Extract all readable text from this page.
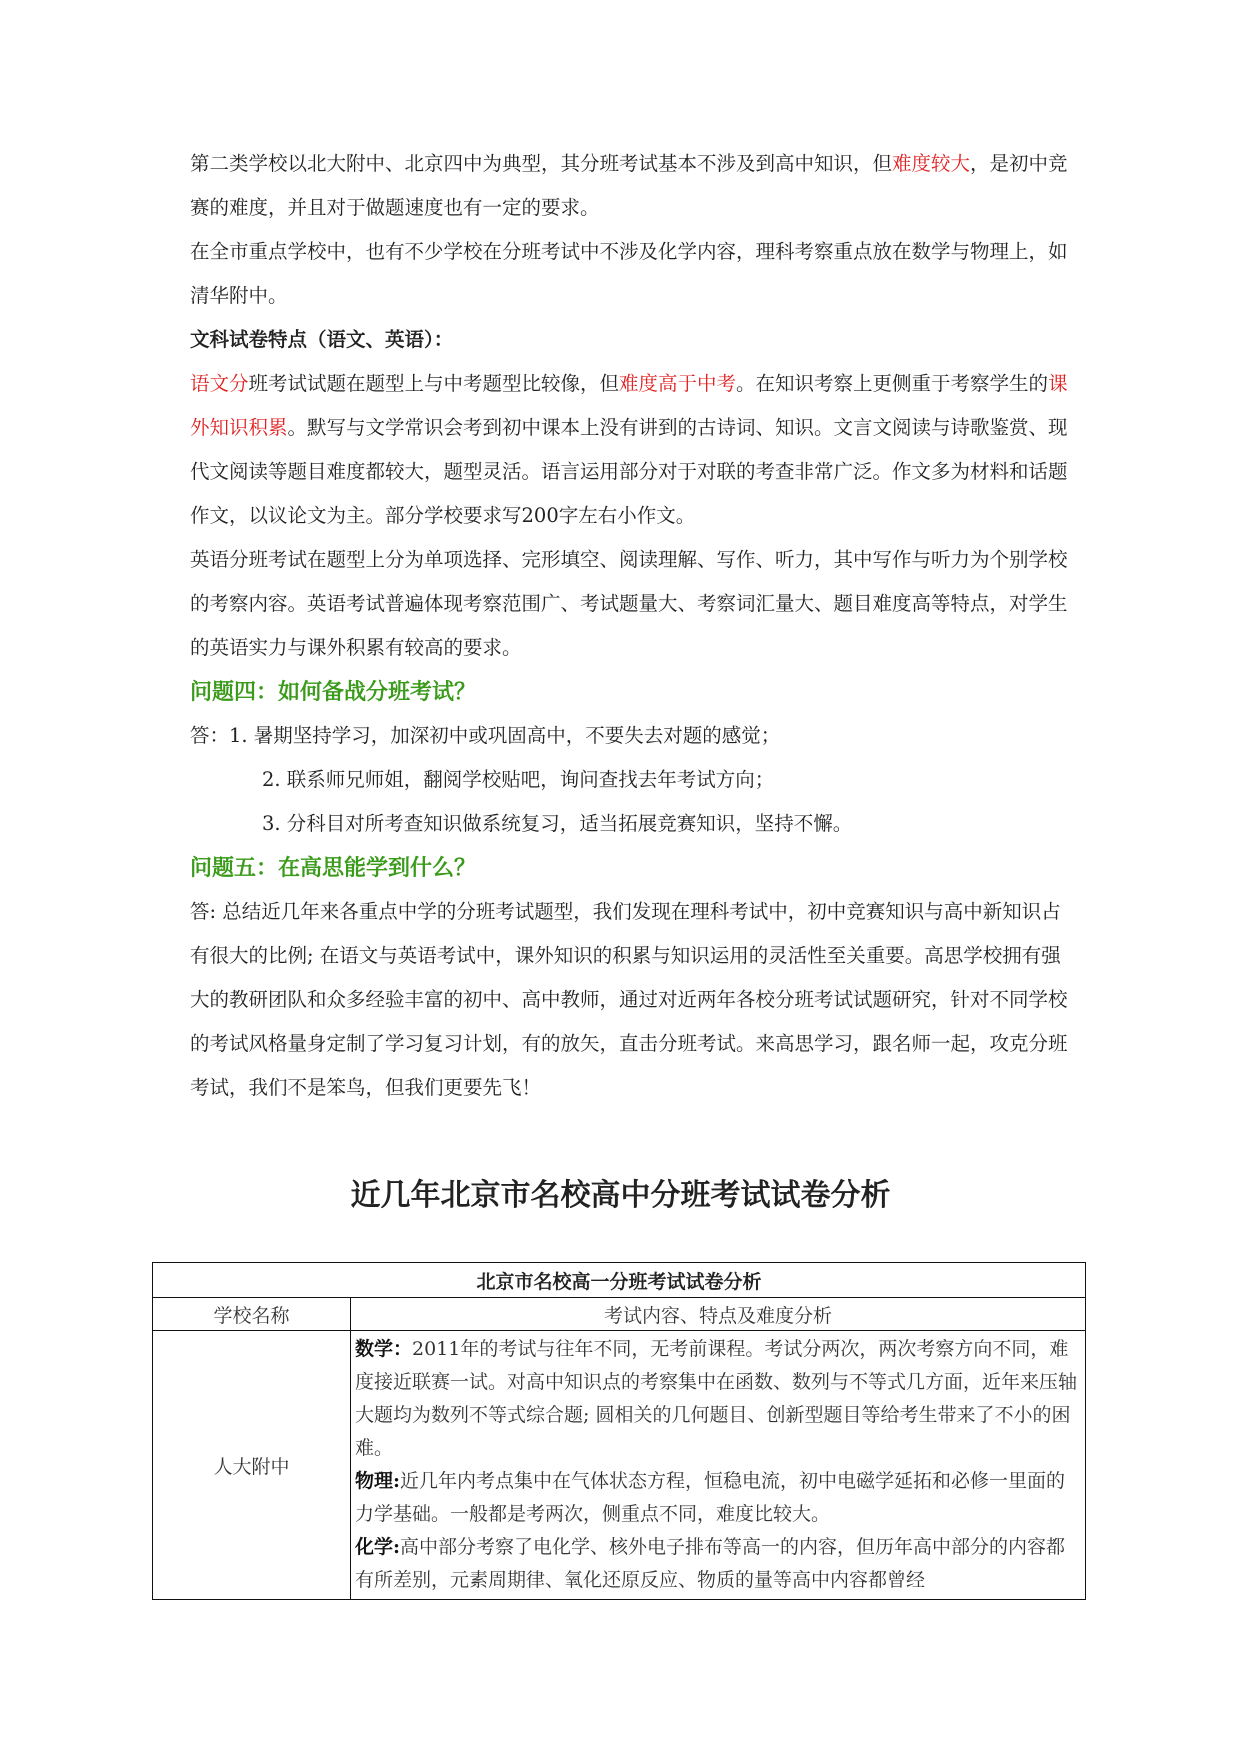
第二类学校以北大附中、北京四中为典型，其分班考试基本不涉及到高中知识，但难度较大，是初中竞赛的难度，并且对于做题速度也有一定的要求。

在全市重点学校中，也有不少学校在分班考试中不涉及化学内容，理科考察重点放在数学与物理上，如清华附中。

文科试卷特点（语文、英语）：

语文分班考试试题在题型上与中考题型比较像，但难度高于中考。在知识考察上更侧重于考察学生的课外知识积累。默写与文学常识会考到初中课本上没有讲到的古诗词、知识。文言文阅读与诗歌鉴赏、现代文阅读等题目难度都较大，题型灵活。语言运用部分对于对联的考查非常广泛。作文多为材料和话题作文，以议论文为主。部分学校要求写200字左右小作文。

英语分班考试在题型上分为单项选择、完形填空、阅读理解、写作、听力，其中写作与听力为个别学校的考察内容。英语考试普遍体现考察范围广、考试题量大、考察词汇量大、题目难度高等特点，对学生的英语实力与课外积累有较高的要求。

问题四：如何备战分班考试？

答：1. 暑期坚持学习，加深初中或巩固高中，不要失去对题的感觉；

2. 联系师兄师姐，翻阅学校贴吧，询问查找去年考试方向；

3. 分科目对所考查知识做系统复习，适当拓展竞赛知识，坚持不懈。

问题五：在高思能学到什么？

答: 总结近几年来各重点中学的分班考试题型，我们发现在理科考试中，初中竞赛知识与高中新知识占有很大的比例; 在语文与英语考试中，课外知识的积累与知识运用的灵活性至关重要。高思学校拥有强大的教研团队和众多经验丰富的初中、高中教师，通过对近两年各校分班考试试题研究，针对不同学校的考试风格量身定制了学习复习计划，有的放矢，直击分班考试。来高思学习，跟名师一起，攻克分班考试，我们不是笨鸟，但我们更要先飞！

近几年北京市名校高中分班考试试卷分析
北京市名校高一分班考试试卷分析	
学校名称	考试内容、特点及难度分析
人大附中	数学：2011年的考试与往年不同，无考前课程。考试分两次，两次考察方向不同，难度接近联赛一试。对高中知识点的考察集中在函数、数列与不等式几方面，近年来压轴大题均为数列不等式综合题; 圆相关的几何题目、创新型题目等给考生带来了不小的困难。
物理:近几年内考点集中在气体状态方程，恒稳电流，初中电磁学延拓和必修一里面的力学基础。一般都是考两次，侧重点不同，难度比较大。
化学:高中部分考察了电化学、核外电子排布等高一的内容，但历年高中部分的内容都有所差别，元素周期律、氧化还原反应、物质的量等高中内容都曾经
